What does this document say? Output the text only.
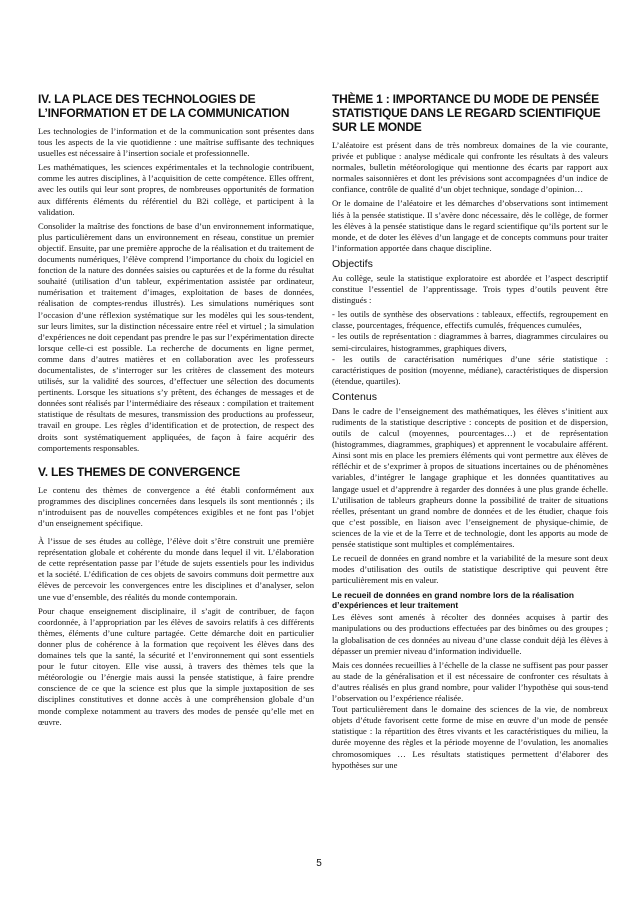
IV. LA PLACE DES TECHNOLOGIES DE L’INFORMATION ET DE LA COMMUNICATION

Les technologies de l’information et de la communication sont présentes dans tous les aspects de la vie quotidienne : une maîtrise suffisante des techniques usuelles est nécessaire à l’insertion sociale et professionnelle.

Les mathématiques, les sciences expérimentales et la technologie contribuent, comme les autres disciplines, à l’acquisition de cette compétence. Elles offrent, avec les outils qui leur sont propres, de nombreuses opportunités de formation aux différents éléments du référentiel du B2i collège, et participent à la validation.

Consolider la maîtrise des fonctions de base d’un environnement informatique, plus particulièrement dans un environnement en réseau, constitue un premier objectif. Ensuite, par une première approche de la réalisation et du traitement de documents numériques, l’élève comprend l’importance du choix du logiciel en fonction de la nature des données saisies ou capturées et de la forme du résultat souhaité (utilisation d’un tableur, expérimentation assistée par ordinateur, numérisation et traitement d’images, exploitation de bases de données, réalisation de comptes-rendus illustrés). Les simulations numériques sont l’occasion d’une réflexion systématique sur les modèles qui les sous-tendent, sur leurs limites, sur la distinction nécessaire entre réel et virtuel ; la simulation d’expériences ne doit cependant pas prendre le pas sur l’expérimentation directe lorsque celle-ci est possible. La recherche de documents en ligne permet, comme dans d’autres matières et en collaboration avec les professeurs documentalistes, de s’interroger sur les critères de classement des moteurs utilisés, sur la validité des sources, d’effectuer une sélection des documents pertinents. Lorsque les situations s’y prêtent, des échanges de messages et de données sont réalisés par l’intermédiaire des réseaux : compilation et traitement statistique de résultats de mesures, transmission des productions au professeur, travail en groupe. Les règles d’identification et de protection, de respect des droits sont systématiquement appliquées, de façon à faire acquérir des comportements responsables.

V. LES THEMES DE CONVERGENCE

Le contenu des thèmes de convergence a été établi conformément aux programmes des disciplines concernées dans lesquels ils sont mentionnés ; ils n’introduisent pas de nouvelles compétences exigibles et ne font pas l’objet d’un enseignement spécifique.

À l’issue de ses études au collège, l’élève doit s’être construit une première représentation globale et cohérente du monde dans lequel il vit. L’élaboration de cette représentation passe par l’étude de sujets essentiels pour les individus et la société. L’édification de ces objets de savoirs communs doit permettre aux élèves de percevoir les convergences entre les disciplines et d’analyser, selon une vue d’ensemble, des réalités du monde contemporain.

Pour chaque enseignement disciplinaire, il s’agit de contribuer, de façon coordonnée, à l’appropriation par les élèves de savoirs relatifs à ces différents thèmes, éléments d’une culture partagée. Cette démarche doit en particulier donner plus de cohérence à la formation que reçoivent les élèves dans des domaines tels que la santé, la sécurité et l’environnement qui sont essentiels pour le futur citoyen. Elle vise aussi, à travers des thèmes tels que la météorologie ou l’énergie mais aussi la pensée statistique, à faire prendre conscience de ce que la science est plus que la simple juxtaposition de ses disciplines constitutives et donne accès à une compréhension globale d’un monde complexe notamment au travers des modes de pensée qu’elle met en œuvre.

THÈME 1 : IMPORTANCE DU MODE DE PENSÉE STATISTIQUE DANS LE REGARD SCIENTIFIQUE SUR LE MONDE

L’aléatoire est présent dans de très nombreux domaines de la vie courante, privée et publique : analyse médicale qui confronte les résultats à des valeurs normales, bulletin météorologique qui mentionne des écarts par rapport aux normales saisonnières et dont les prévisions sont accompagnées d’un indice de confiance, contrôle de qualité d’un objet technique, sondage d’opinion…

Or le domaine de l’aléatoire et les démarches d’observations sont intimement liés à la pensée statistique. Il s’avère donc nécessaire, dès le collège, de former les élèves à la pensée statistique dans le regard scientifique qu’ils portent sur le monde, et de doter les élèves d’un langage et de concepts communs pour traiter l’information apportée dans chaque discipline.

Objectifs

Au collège, seule la statistique exploratoire est abordée et l’aspect descriptif constitue l’essentiel de l’apprentissage. Trois types d’outils peuvent être distingués :

- les outils de synthèse des observations : tableaux, effectifs, regroupement en classe, pourcentages, fréquence, effectifs cumulés, fréquences cumulées,

- les outils de représentation : diagrammes à barres, diagrammes circulaires ou semi-circulaires, histogrammes, graphiques divers,

- les outils de caractérisation numériques d’une série statistique : caractéristiques de position (moyenne, médiane), caractéristiques de dispersion (étendue, quartiles).

Contenus

Dans le cadre de l’enseignement des mathématiques, les élèves s’initient aux rudiments de la statistique descriptive : concepts de position et de dispersion, outils de calcul (moyennes, pourcentages…) et de représentation (histogrammes, diagrammes, graphiques) et apprennent le vocabulaire afférent. Ainsi sont mis en place les premiers éléments qui vont permettre aux élèves de réfléchir et de s’exprimer à propos de situations incertaines ou de phénomènes variables, d’intégrer le langage graphique et les données quantitatives au langage usuel et d’apprendre à regarder des données à une plus grande échelle. L’utilisation de tableurs grapheurs donne la possibilité de traiter de situations réelles, présentant un grand nombre de données et de les étudier, chaque fois que c’est possible, en liaison avec l’enseignement de physique-chimie, de sciences de la vie et de la Terre et de technologie, dont les apports au mode de pensée statistique sont multiples et complémentaires.

Le recueil de données en grand nombre et la variabilité de la mesure sont deux modes d’utilisation des outils de statistique descriptive qui peuvent être particulièrement mis en valeur.

Le recueil de données en grand nombre lors de la réalisation d’expériences et leur traitement

Les élèves sont amenés à récolter des données acquises à partir des manipulations ou des productions effectuées par des binômes ou des groupes ; la globalisation de ces données au niveau d’une classe conduit déjà les élèves à dépasser un premier niveau d’information individuelle.

Mais ces données recueillies à l’échelle de la classe ne suffisent pas pour passer au stade de la généralisation et il est nécessaire de confronter ces résultats à d’autres réalisés en plus grand nombre, pour valider l’hypothèse qui sous-tend l’observation ou l’expérience réalisée.

Tout particulièrement dans le domaine des sciences de la vie, de nombreux objets d’étude favorisent cette forme de mise en œuvre d’un mode de pensée statistique : la répartition des êtres vivants et les caractéristiques du milieu, la durée moyenne des règles et la période moyenne de l’ovulation, les anomalies chromosomiques … Les résultats statistiques permettent d’élaborer des hypothèses sur une

5
